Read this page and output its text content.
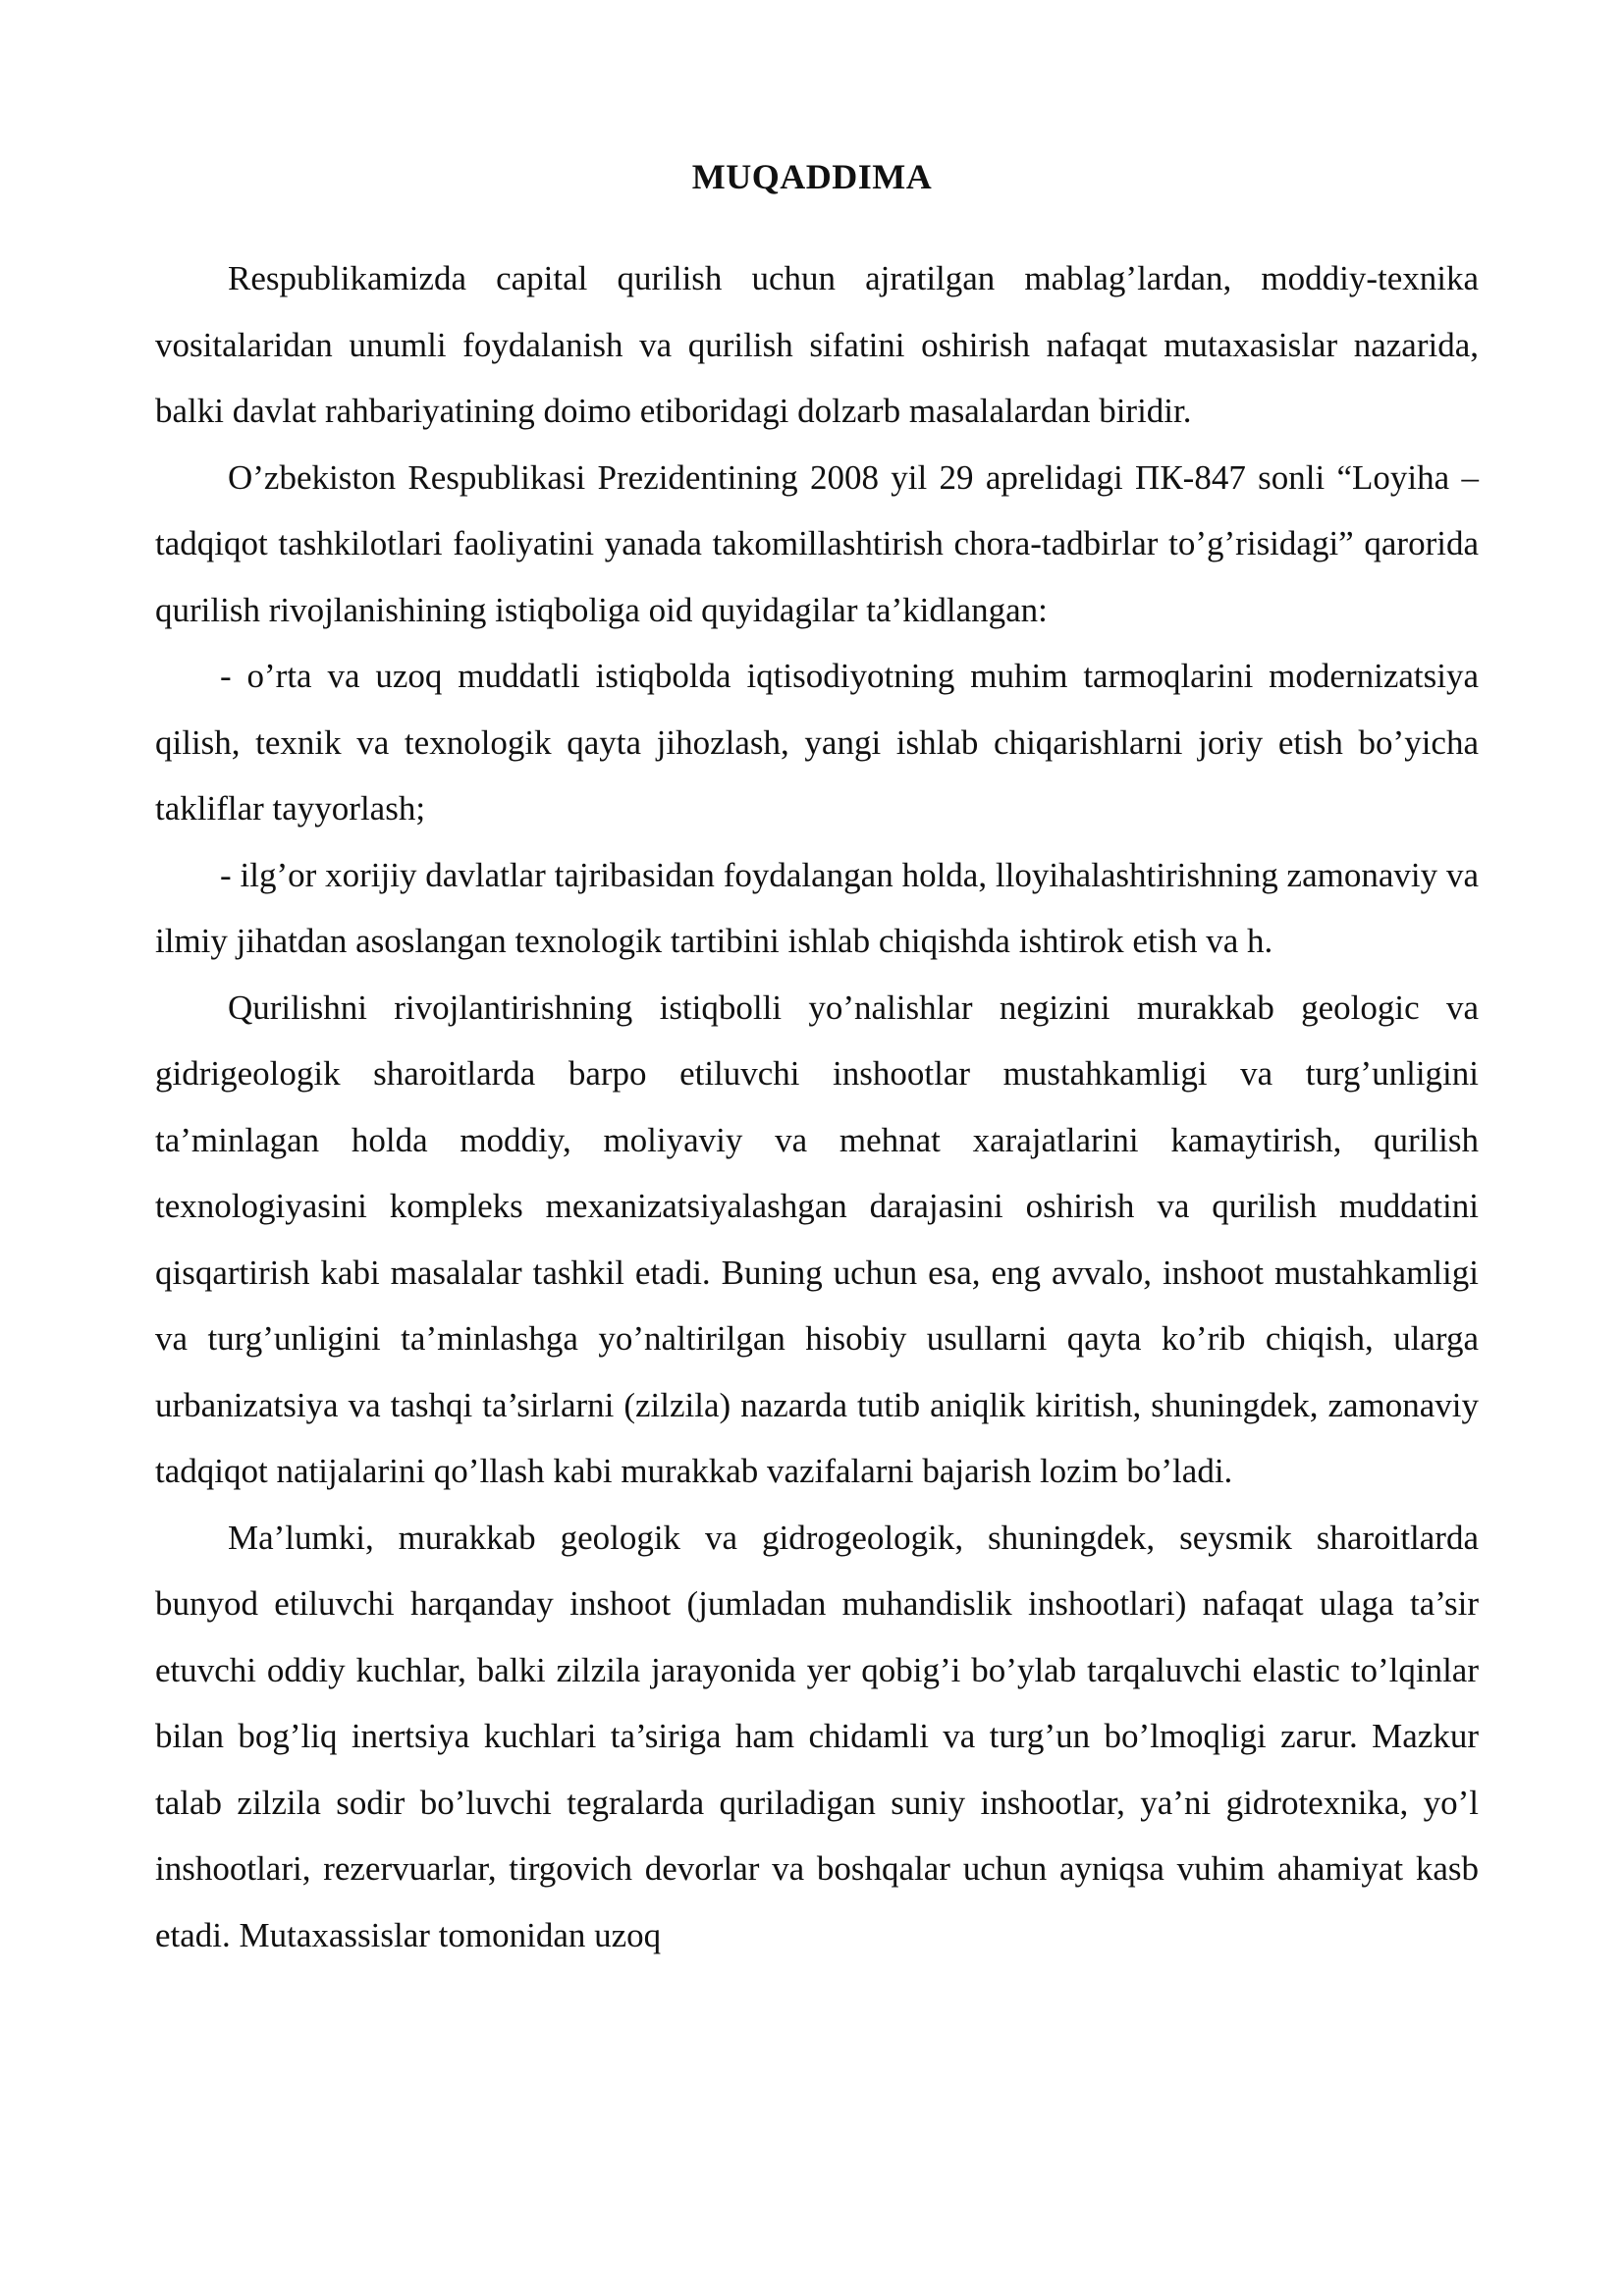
MUQADDIMA

Respublikamizda capital qurilish uchun ajratilgan mablag’lardan, moddiy-texnika vositalaridan unumli foydalanish va qurilish sifatini oshirish nafaqat mutaxasislar nazarida, balki davlat rahbariyatining doimo etiboridagi dolzarb masalalardan biridir.

O’zbekiston Respublikasi Prezidentining 2008 yil 29 aprelidagi ПК-847 sonli “Loyiha –tadqiqot tashkilotlari faoliyatini yanada takomillashtirish chora-tadbirlar to’g’risidagi” qarorida qurilish rivojlanishining istiqboliga oid quyidagilar ta’kidlangan:

- o’rta va uzoq muddatli istiqbolda iqtisodiyotning muhim tarmoqlarini modernizatsiya qilish, texnik va texnologik qayta jihozlash, yangi ishlab chiqarishlarni joriy etish bo’yicha takliflar tayyorlash;

- ilg’or xorijiy davlatlar tajribasidan foydalangan holda, lloyihalashtirishning zamonaviy va ilmiy jihatdan asoslangan texnologik tartibini ishlab chiqishda ishtirok etish va h.

Qurilishni rivojlantirishning istiqbolli yo’nalishlar negizini murakkab geologic va gidrigeologik sharoitlarda barpo etiluvchi inshootlar mustahkamligi va turg’unligini ta’minlagan holda moddiy, moliyaviy va mehnat xarajatlarini kamaytirish, qurilish texnologiyasini kompleks mexanizatsiyalashgan darajasini oshirish va qurilish muddatini qisqartirish kabi masalalar tashkil etadi. Buning uchun esa, eng avvalo, inshoot mustahkamligi va turg’unligini ta’minlashga yo’naltirilgan hisobiy usullarni qayta ko’rib chiqish, ularga urbanizatsiya va tashqi ta’sirlarni (zilzila) nazarda tutib aniqlik kiritish, shuningdek, zamonaviy tadqiqot natijalarini qo’llash kabi murakkab vazifalarni bajarish lozim bo’ladi.

Ma’lumki, murakkab geologik va gidrogeologik, shuningdek, seysmik sharoitlarda bunyod etiluvchi harqanday inshoot (jumladan muhandislik inshootlari) nafaqat ulaga ta’sir etuvchi oddiy kuchlar, balki zilzila jarayonida yer qobig’i bo’ylab tarqaluvchi elastic to’lqinlar bilan bog’liq inertsiya kuchlari ta’siriga ham chidamli va turg’un bo’lmoqligi zarur. Mazkur talab zilzila sodir bo’luvchi tegralarda quriladigan suniy inshootlar, ya’ni gidrotexnika, yo’l inshootlari, rezervuarlar, tirgovich devorlar va boshqalar uchun ayniqsa vuhim ahamiyat kasb etadi. Mutaxassislar tomonidan uzoq
